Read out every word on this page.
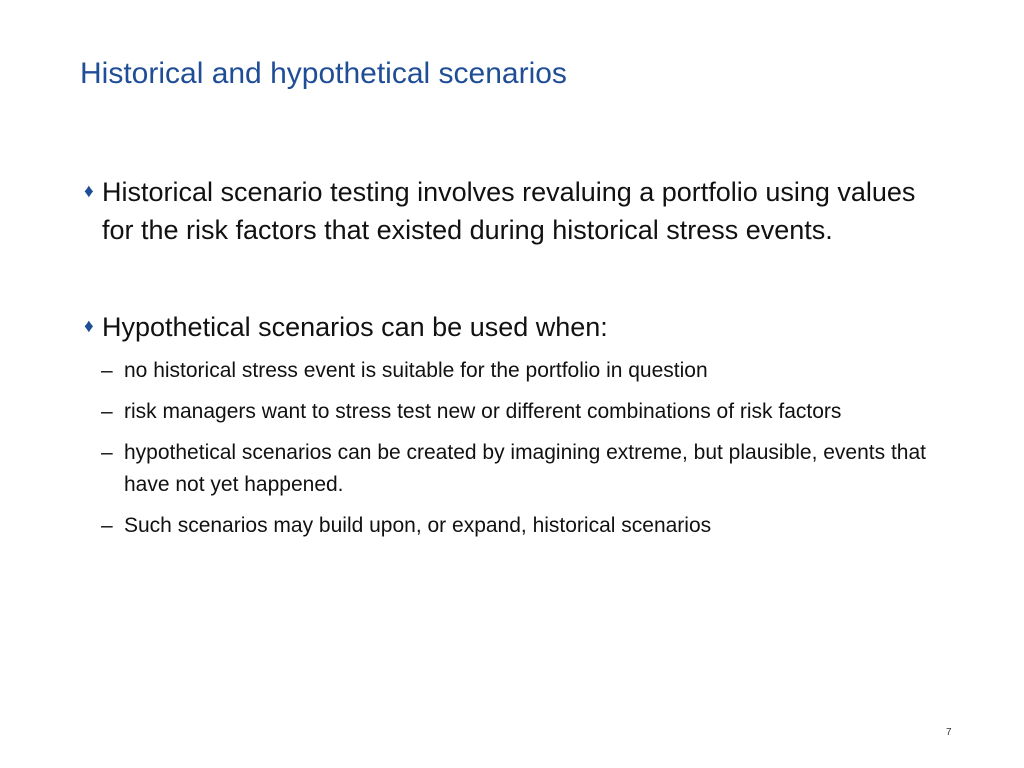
Historical and hypothetical scenarios
♦ Historical scenario testing involves revaluing a portfolio using values for the risk factors that existed during historical stress events.
♦ Hypothetical scenarios can be used when:
– no historical stress event is suitable for the portfolio in question
– risk managers want to stress test new or different combinations of risk factors
– hypothetical scenarios can be created by imagining extreme, but plausible, events that have not yet happened.
– Such scenarios may build upon, or expand, historical scenarios
7
